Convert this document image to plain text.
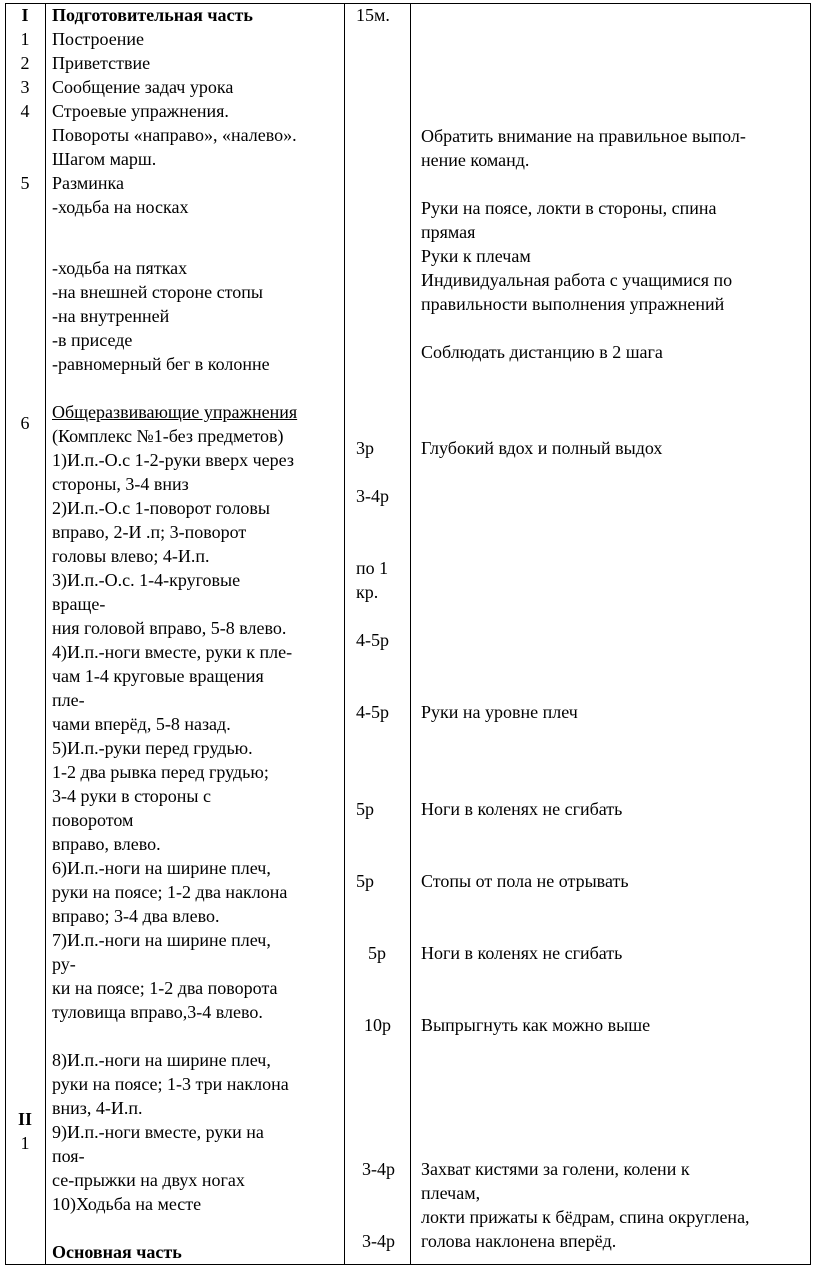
I
1
2
3
4
5
6
II
1
Подготовительная часть
Построение
Приветствие
Сообщение задач урока
Строевые упражнения.
Повороты «направо», «налево».
Шагом марш.
Разминка
-ходьба на носках
-ходьба на пятках
-на внешней стороне стопы
-на внутренней
-в приседе
-равномерный бег в колонне
Общеразвивающие упражнения
(Комплекс №1-без предметов)
1)И.п.-О.с 1-2-руки вверх через
стороны, 3-4 вниз
2)И.п.-О.с 1-поворот головы
вправо, 2-И .п; 3-поворот
головы влево; 4-И.п.
3)И.п.-О.с. 1-4-круговые
враще-
ния головой вправо, 5-8 влево.
4)И.п.-ноги вместе, руки к пле-
чам 1-4 круговые вращения
пле-
чами вперёд, 5-8 назад.
5)И.п.-руки перед грудью.
1-2 два рывка перед грудью;
3-4 руки в стороны с
поворотом
вправо, влево.
6)И.п.-ноги на ширине плеч,
руки на поясе; 1-2 два наклона
вправо; 3-4 два влево.
7)И.п.-ноги на ширине плеч,
ру-
ки на поясе; 1-2 два поворота
туловища вправо,3-4 влево.
8)И.п.-ноги на ширине плеч,
руки на поясе; 1-3 три наклона
вниз, 4-И.п.
9)И.п.-ноги вместе, руки на
поя-
се-прыжки на двух ногах
10)Ходьба на месте
Основная часть
15м.
3р
3-4р
по 1
кр.
4-5р
4-5р
5р
5р
5р
10р
3-4р
3-4р
Обратить внимание на правильное выпол-
нение команд.
Руки на поясе, локти в стороны, спина
прямая
Руки к плечам
Индивидуальная работа с учащимися по
правильности выполнения упражнений
Соблюдать дистанцию в 2 шага
Глубокий вдох и полный выдох
Руки на уровне плеч
Ноги в коленях не сгибать
Стопы от пола не отрывать
Ноги в коленях не сгибать
Выпрыгнуть как можно выше
Захват кистями за голени, колени к
плечам,
локти прижаты к бёдрам, спина округлена,
голова наклонена вперёд.
